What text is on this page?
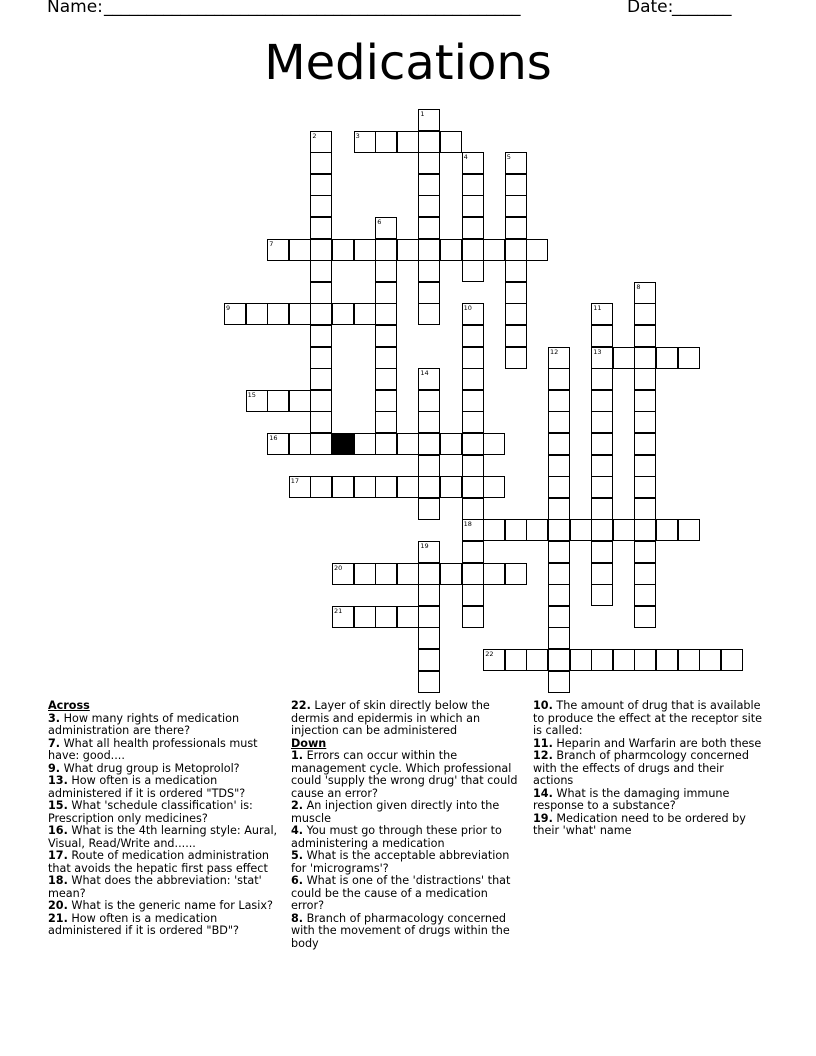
Name: _________________________________________________	Date:
_______
Medications
1
2	3
4	5
6
7
8
9	10
18
11
13
12
14
15
16
17
19
20
21
22

Across

3. How many rights of medication administration are there?

7. What all health professionals must have: good....

9. What drug group is Metoprolol?

13. How often is a medication administered if it is ordered "TDS"?

15. What 'schedule classification' is: Prescription only medicines?

16. What is the 4th learning style: Aural, Visual, Read/Write and......

17. Route of medication administration that avoids the hepatic first pass effect

18. What does the abbreviation: 'stat' mean?

20. What is the generic name for Lasix?

21. How often is a medication administered if it is ordered "BD"?

22. Layer of skin directly below the dermis and epidermis in which an injection can be administered

Down

1. Errors can occur within the management cycle. Which professional could 'supply the wrong drug' that could cause an error?

2. An injection given directly into the muscle

4. You must go through these prior to administering a medication

5. What is the acceptable abbreviation for 'micrograms'?

6. What is one of the 'distractions' that could be the cause of a medication error?

8. Branch of pharmacology concerned with the movement of drugs within the body

10. The amount of drug that is available to produce the effect at the receptor site is called:

11. Heparin and Warfarin are both these

12. Branch of pharmcology concerned with the effects of drugs and their actions

14. What is the damaging immune response to a substance?

19. Medication need to be ordered by their 'what' name
